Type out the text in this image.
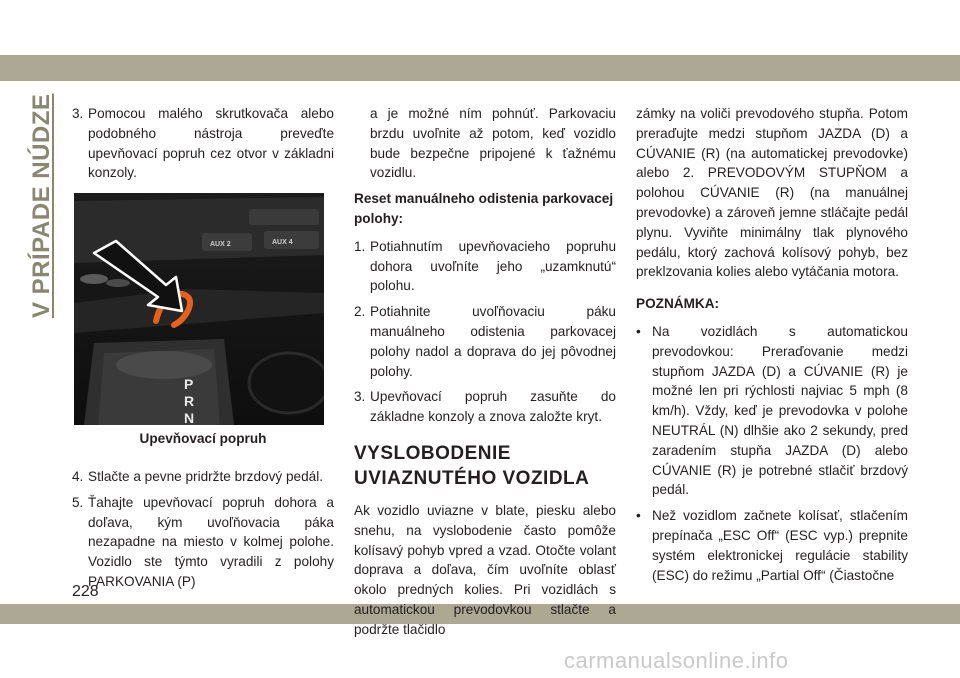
V PRÍPADE NÚDZE 3. Pomocou malého skrutkovača alebo podobného nástroja preveďte upevňovací popruh cez otvor v základni konzoly.
AUX 2	AUX 4
P
R
N
Upevňovací popruh
4. Stlačte a pevne pridržte brzdový pedál.
5. Ťahajte upevňovací popruh dohora a doľava, kým uvoľňovacia páka nezapadne na miesto v kolmej polohe. Vozidlo ste týmto vyradili z polohy PARKOVANIA (P)

a je možné ním pohnúť. Parkovaciu brzdu uvoľnite až potom, keď vozidlo bude bezpečne pripojené k ťažnému vozidlu.

Reset manuálneho odistenia parkovacej polohy:
1. Potiahnutím upevňovacieho popruhu dohora uvoľníte jeho „uzamknutú“ polohu.
2. Potiahnite uvoľňovaciu páku manuálneho odistenia parkovacej polohy nadol a doprava do jej pôvodnej polohy.
3. Upevňovací popruh zasuňte do základne konzoly a znova založte kryt.
VYSLOBODENIE
UVIAZNUTÉHO VOZIDLA

Ak vozidlo uviazne v blate, piesku alebo snehu, na vyslobodenie často pomôže kolísavý pohyb vpred a vzad. Otočte volant doprava a doľava, čím uvoľníte oblasť okolo predných kolies. Pri vozidlách s automatickou prevodovkou stlačte a podržte tlačidlo

zámky na voliči prevodového stupňa. Potom preraďujte medzi stupňom JAZDA (D) a CÚVANIE (R) (na automatickej prevodovke) alebo 2. PREVODOVÝM STUPŇOM a polohou CÚVANIE (R) (na manuálnej prevodovke) a zároveň jemne stláčajte pedál plynu. Vyviňte minimálny tlak plynového pedálu, ktorý zachová kolísový pohyb, bez preklzovania kolies alebo vytáčania motora.

POZNÁMKA:
• Na vozidlách s automatickou prevodovkou: Preraďovanie medzi stupňom JAZDA (D) a CÚVANIE (R) je možné len pri rýchlosti najviac 5 mph (8 km/h). Vždy, keď je prevodovka v polohe NEUTRÁL (N) dlhšie ako 2 sekundy, pred zaradením stupňa JAZDA (D) alebo CÚVANIE (R) je potrebné stlačiť brzdový pedál.
• Než vozidlom začnete kolísať, stlačením prepínača „ESC Off“ (ESC vyp.) prepnite systém elektronickej regulácie stability (ESC) do režimu „Partial Off“ (Čiastočne
228
carmanualsonline.info
